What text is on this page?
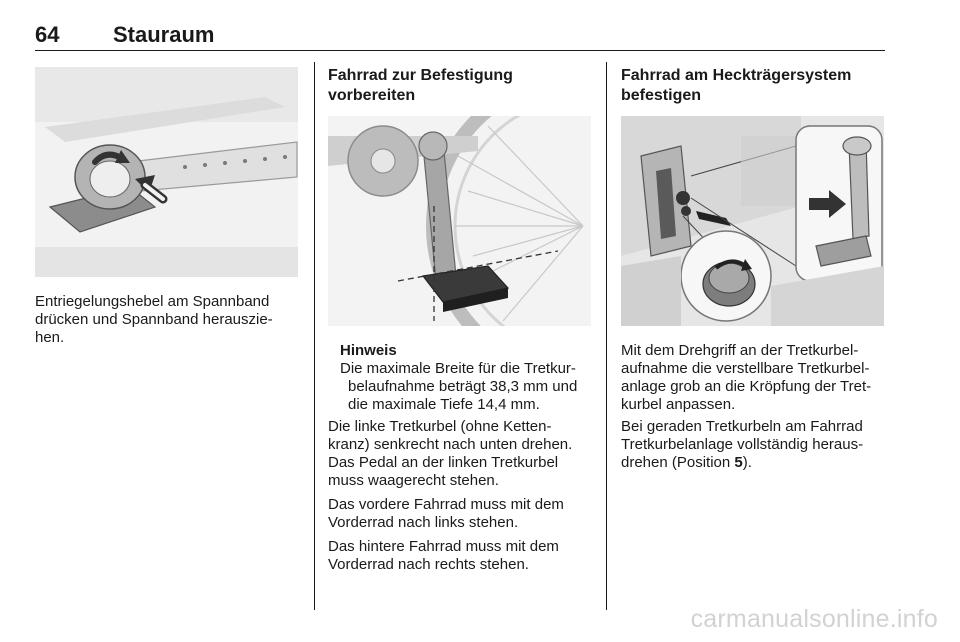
64 Stauraum

Entriegelungshebel am Spannband
drücken und Spannband herauszie-
hen.

Fahrrad zur Befestigung
vorbereiten
Hinweis

Die maximale Breite für die Tretkur-
belaufnahme beträgt 38,3 mm und
die maximale Tiefe 14,4 mm.

Die linke Tretkurbel (ohne Ketten-
kranz) senkrecht nach unten drehen.
Das Pedal an der linken Tretkurbel
muss waagerecht stehen.

Das vordere Fahrrad muss mit dem
Vorderrad nach links stehen.

Das hintere Fahrrad muss mit dem
Vorderrad nach rechts stehen.

Fahrrad am Heckträgersystem
befestigen

Mit dem Drehgriff an der Tretkurbel-
aufnahme die verstellbare Tretkurbel-
anlage grob an die Kröpfung der Tret-
kurbel anpassen.

Bei geraden Tretkurbeln am Fahrrad
Tretkurbelanlage vollständig heraus-
drehen (Position 5).

carmanualsonline.info
